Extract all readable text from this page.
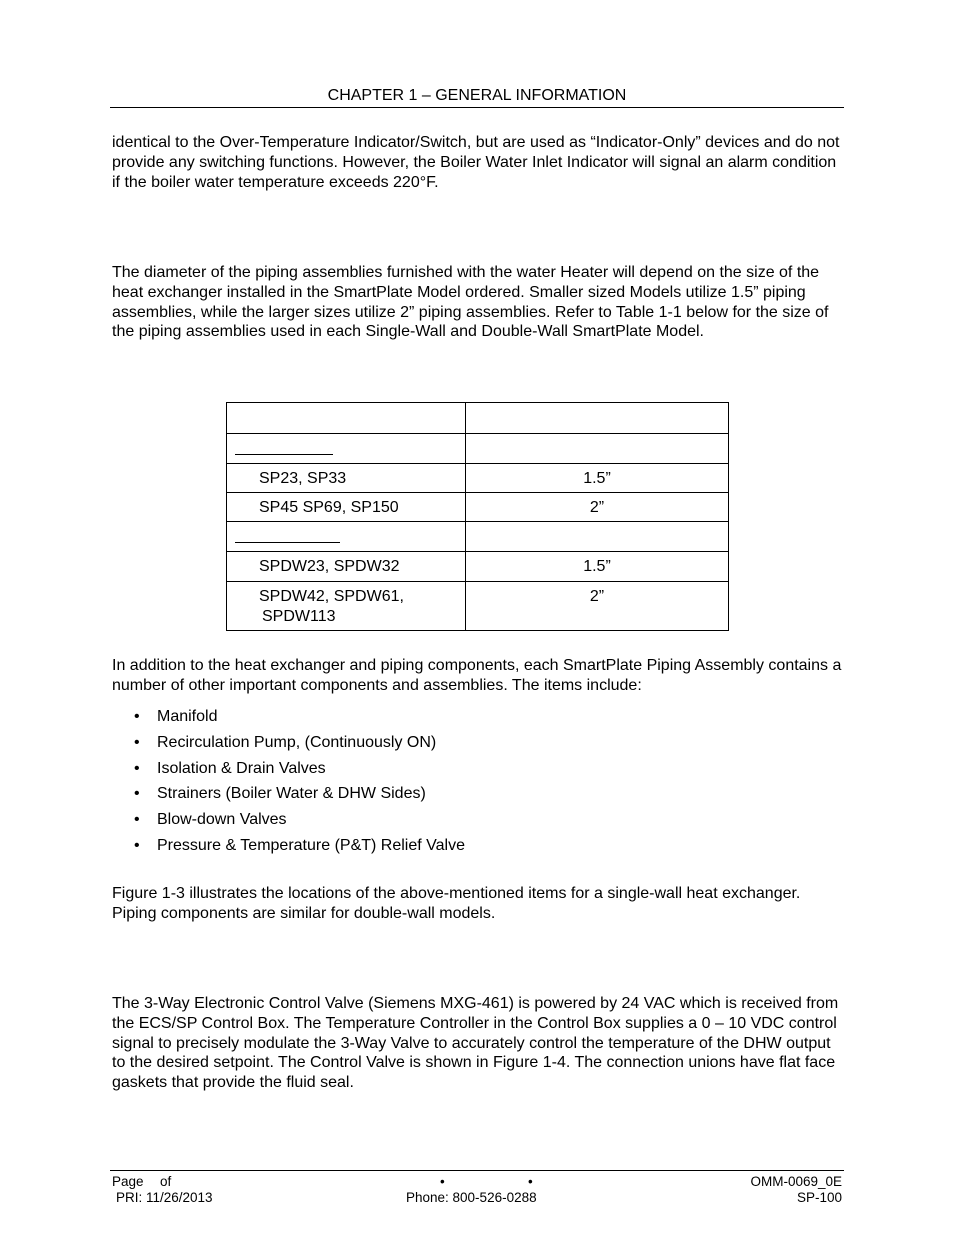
CHAPTER 1 – GENERAL INFORMATION

identical to the Over-Temperature Indicator/Switch, but are used as “Indicator-Only” devices and do not provide any switching functions. However, the Boiler Water Inlet Indicator will signal an alarm condition if the boiler water temperature exceeds 220°F.

The diameter of the piping assemblies furnished with the water Heater will depend on the size of the heat exchanger installed in the SmartPlate Model ordered. Smaller sized Models utilize 1.5” piping assemblies, while the larger sizes utilize 2” piping assemblies. Refer to Table 1-1 below for the size of the piping assemblies used in each Single-Wall and Double-Wall SmartPlate Model.

SP23, SP33	1.5”
SP45 SP69, SP150	2”

SPDW23, SPDW32	1.5”
SPDW42, SPDW61,
SPDW113	2”

In addition to the heat exchanger and piping components, each SmartPlate Piping Assembly contains a number of other important components and assemblies. The items include:

• Manifold
• Recirculation Pump, (Continuously ON)
• Isolation & Drain Valves
• Strainers (Boiler Water & DHW Sides)
• Blow-down Valves
• Pressure & Temperature (P&T) Relief Valve

Figure 1-3 illustrates the locations of the above-mentioned items for a single-wall heat exchanger. Piping components are similar for double-wall models.

The 3-Way Electronic Control Valve (Siemens MXG-461) is powered by 24 VAC which is received from the ECS/SP Control Box. The Temperature Controller in the Control Box supplies a 0 – 10 VDC control signal to precisely modulate the 3-Way Valve to accurately control the temperature of the DHW output to the desired setpoint. The Control Valve is shown in Figure 1-4. The connection unions have flat face gaskets that provide the fluid seal.

Page of	•	•	OMM-0069_0E
PRI: 11/26/2013	Phone: 800-526-0288	SP-100
